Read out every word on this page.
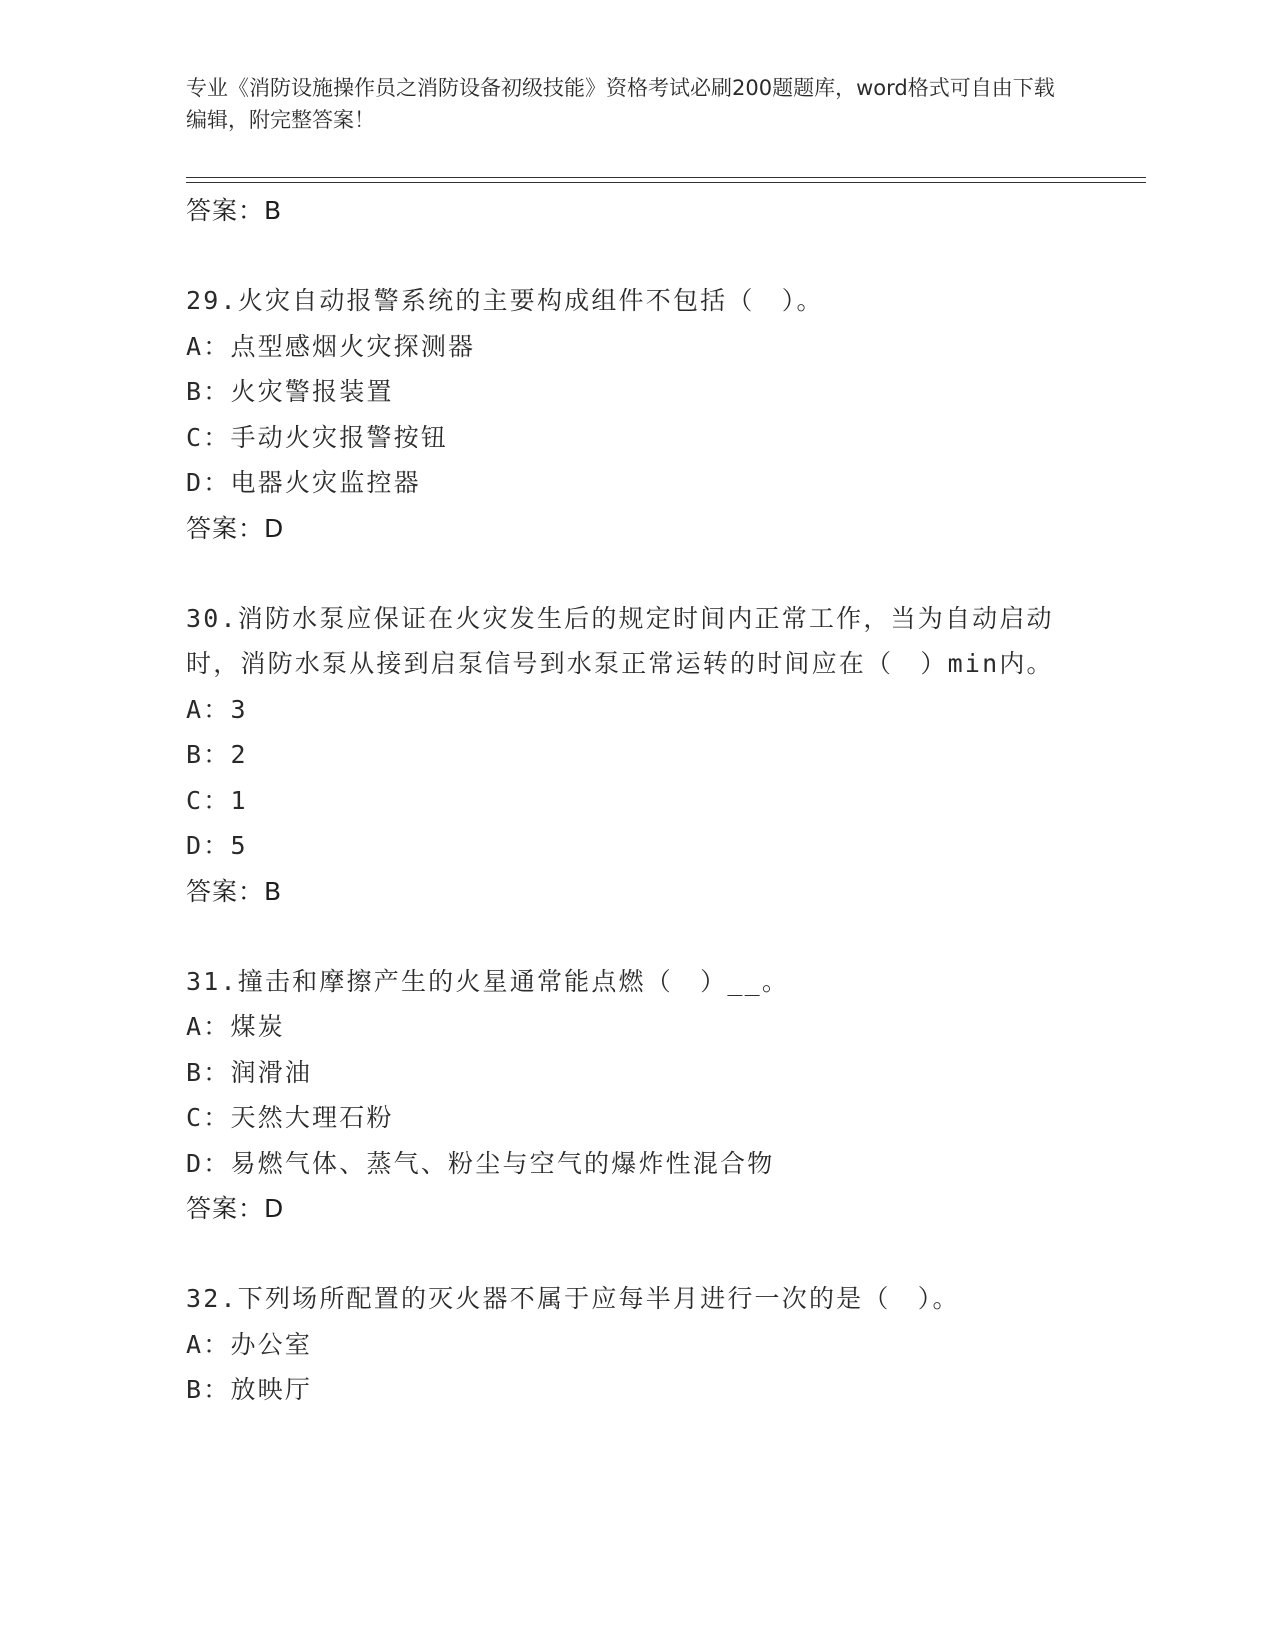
专业《消防设施操作员之消防设备初级技能》资格考试必刷200题题库，word格式可自由下载编辑，附完整答案！
答案：B
29.火灾自动报警系统的主要构成组件不包括（　）。
A：点型感烟火灾探测器
B：火灾警报装置
C：手动火灾报警按钮
D：电器火灾监控器
答案：D
30.消防水泵应保证在火灾发生后的规定时间内正常工作，当为自动启动时，消防水泵从接到启泵信号到水泵正常运转的时间应在（　）min内。
A：3
B：2
C：1
D：5
答案：B
31.撞击和摩擦产生的火星通常能点燃（　）__。
A：煤炭
B：润滑油
C：天然大理石粉
D：易燃气体、蒸气、粉尘与空气的爆炸性混合物
答案：D
32.下列场所配置的灭火器不属于应每半月进行一次的是（　）。
A：办公室
B：放映厅
